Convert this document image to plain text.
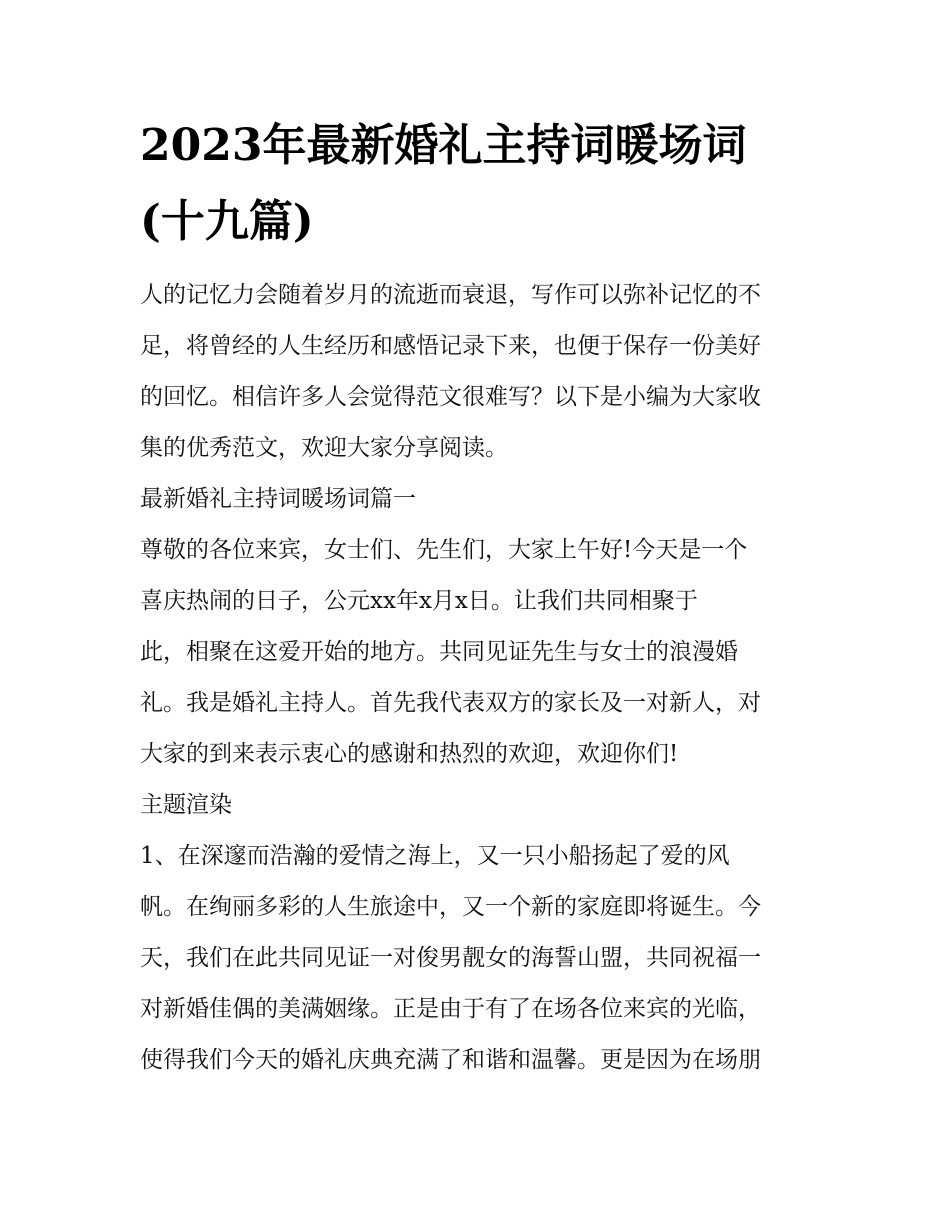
2023年最新婚礼主持词暖场词
(十九篇)
人的记忆力会随着岁月的流逝而衰退，写作可以弥补记忆的不
足，将曾经的人生经历和感悟记录下来，也便于保存一份美好
的回忆。相信许多人会觉得范文很难写？以下是小编为大家收
集的优秀范文，欢迎大家分享阅读。
最新婚礼主持词暖场词篇一
尊敬的各位来宾，女士们、先生们，大家上午好!今天是一个
喜庆热闹的日子，公元xx年x月x日。让我们共同相聚于
此，相聚在这爱开始的地方。共同见证先生与女士的浪漫婚
礼。我是婚礼主持人。首先我代表双方的家长及一对新人，对
大家的到来表示衷心的感谢和热烈的欢迎，欢迎你们!
主题渲染
1、在深邃而浩瀚的爱情之海上，又一只小船扬起了爱的风
帆。在绚丽多彩的人生旅途中，又一个新的家庭即将诞生。今
天，我们在此共同见证一对俊男靓女的海誓山盟，共同祝福一
对新婚佳偶的美满姻缘。正是由于有了在场各位来宾的光临，
使得我们今天的婚礼庆典充满了和谐和温馨。更是因为在场朋
